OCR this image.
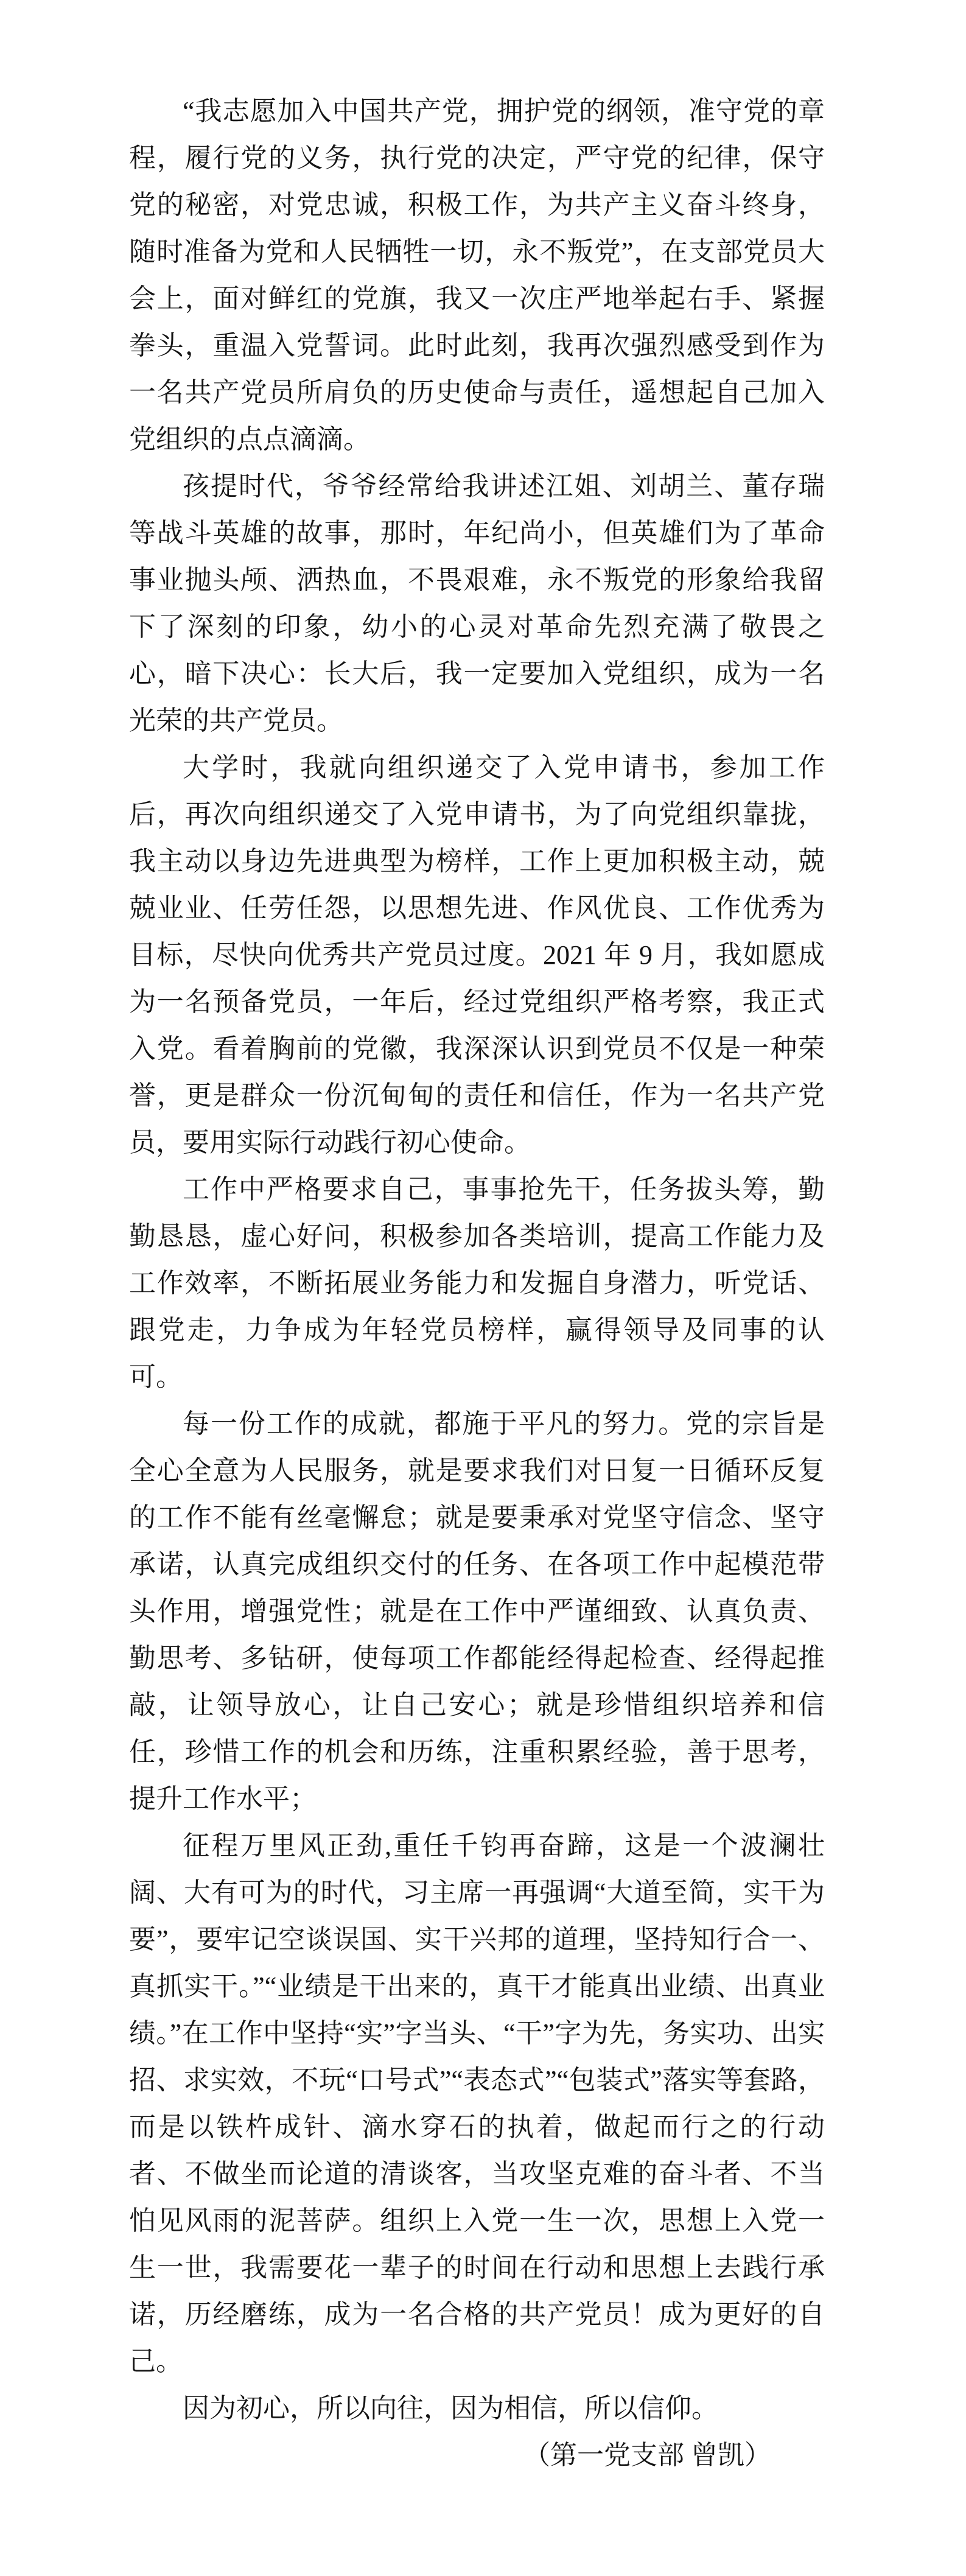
“我志愿加入中国共产党，拥护党的纲领，准守党的章程，履行党的义务，执行党的决定，严守党的纪律，保守党的秘密，对党忠诚，积极工作，为共产主义奋斗终身，随时准备为党和人民牺牲一切，永不叛党”，在支部党员大会上，面对鲜红的党旗，我又一次庄严地举起右手、紧握拳头，重温入党誓词。此时此刻，我再次强烈感受到作为一名共产党员所肩负的历史使命与责任，遥想起自己加入党组织的点点滴滴。

孩提时代，爷爷经常给我讲述江姐、刘胡兰、董存瑞等战斗英雄的故事，那时，年纪尚小，但英雄们为了革命事业抛头颅、洒热血，不畏艰难，永不叛党的形象给我留下了深刻的印象，幼小的心灵对革命先烈充满了敬畏之心，暗下决心：长大后，我一定要加入党组织，成为一名光荣的共产党员。

大学时，我就向组织递交了入党申请书，参加工作后，再次向组织递交了入党申请书，为了向党组织靠拢，我主动以身边先进典型为榜样，工作上更加积极主动，兢兢业业、任劳任怨，以思想先进、作风优良、工作优秀为目标，尽快向优秀共产党员过度。2021 年 9 月，我如愿成为一名预备党员，一年后，经过党组织严格考察，我正式入党。看着胸前的党徽，我深深认识到党员不仅是一种荣誉，更是群众一份沉甸甸的责任和信任，作为一名共产党员，要用实际行动践行初心使命。

工作中严格要求自己，事事抢先干，任务拔头筹，勤勤恳恳，虚心好问，积极参加各类培训，提高工作能力及工作效率，不断拓展业务能力和发掘自身潜力，听党话、跟党走，力争成为年轻党员榜样，赢得领导及同事的认可。

每一份工作的成就，都施于平凡的努力。党的宗旨是全心全意为人民服务，就是要求我们对日复一日循环反复的工作不能有丝毫懈怠；就是要秉承对党坚守信念、坚守承诺，认真完成组织交付的任务、在各项工作中起模范带头作用，增强党性；就是在工作中严谨细致、认真负责、勤思考、多钻研，使每项工作都能经得起检查、经得起推敲，让领导放心，让自己安心；就是珍惜组织培养和信任，珍惜工作的机会和历练，注重积累经验，善于思考，提升工作水平；

征程万里风正劲,重任千钧再奋蹄，这是一个波澜壮阔、大有可为的时代，习主席一再强调“大道至简，实干为要”，要牢记空谈误国、实干兴邦的道理，坚持知行合一、真抓实干。”“业绩是干出来的，真干才能真出业绩、出真业绩。”在工作中坚持“实”字当头、“干”字为先，务实功、出实招、求实效，不玩“口号式”“表态式”“包装式”落实等套路，而是以铁杵成针、滴水穿石的执着，做起而行之的行动者、不做坐而论道的清谈客，当攻坚克难的奋斗者、不当怕见风雨的泥菩萨。组织上入党一生一次，思想上入党一生一世，我需要花一辈子的时间在行动和思想上去践行承诺，历经磨练，成为一名合格的共产党员！成为更好的自己。

因为初心，所以向往，因为相信，所以信仰。

（第一党支部 曾凯）
